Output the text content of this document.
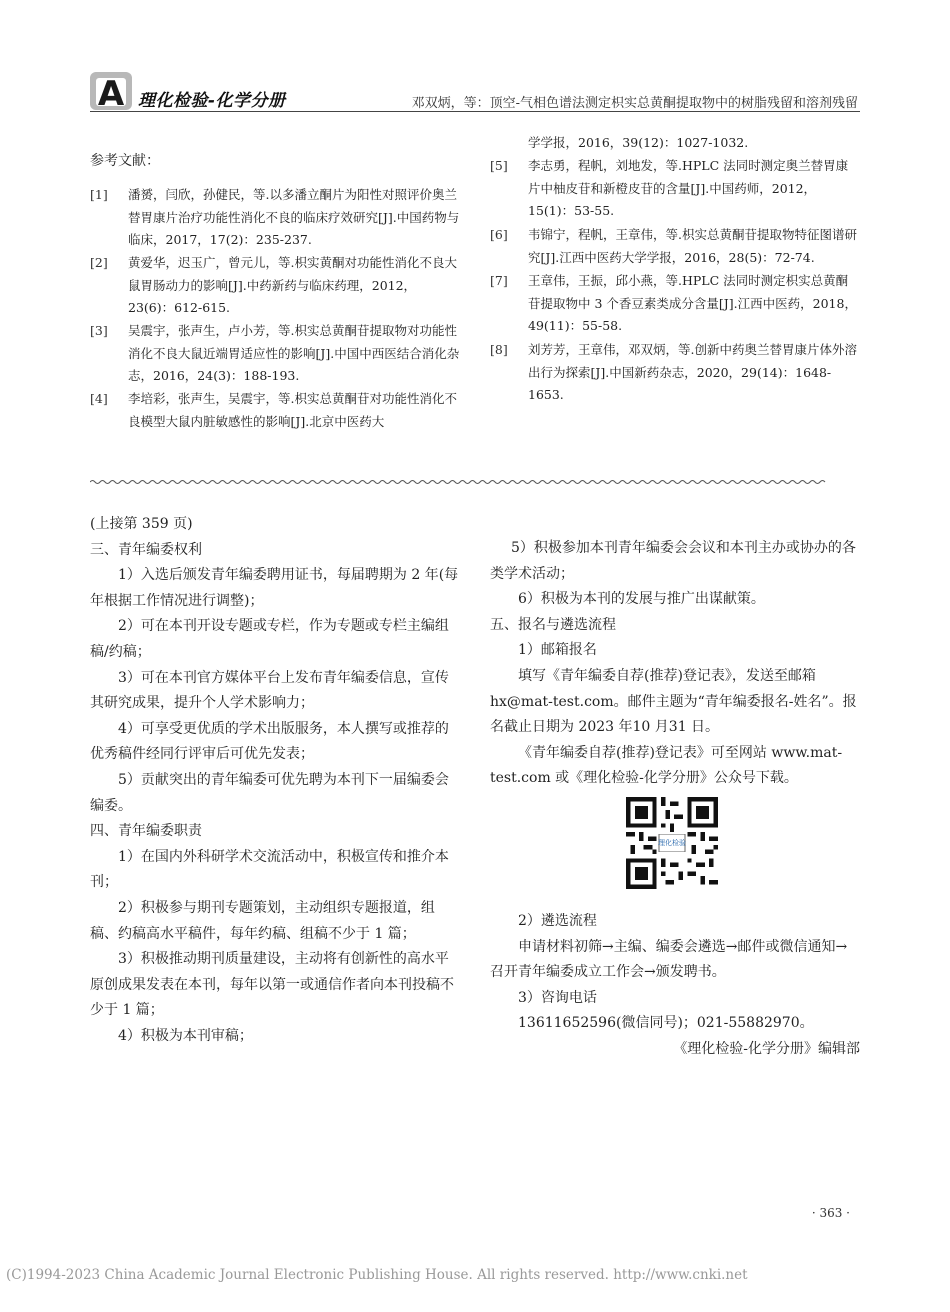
A 理化检验-化学分册	邓双炳，等：顶空-气相色谱法测定枳实总黄酮提取物中的树脂残留和溶剂残留
参考文献：
[1] 潘赟，闫欣，孙健民，等.以多潘立酮片为阳性对照评价奥兰替胃康片治疗功能性消化不良的临床疗效研究[J].中国药物与临床，2017，17(2)：235-237.
[2] 黄爱华，迟玉广，曾元儿，等.枳实黄酮对功能性消化不良大鼠胃肠动力的影响[J].中药新药与临床药理，2012，23(6)：612-615.
[3] 吴震宇，张声生，卢小芳，等.枳实总黄酮苷提取物对功能性消化不良大鼠近端胃适应性的影响[J].中国中西医结合消化杂志，2016，24(3)：188-193.
[4] 李培彩，张声生，吴震宇，等.枳实总黄酮苷对功能性消化不良模型大鼠内脏敏感性的影响[J].北京中医药大
学学报，2016，39(12)：1027-1032.
[5] 李志勇，程帆，刘地发，等.HPLC 法同时测定奥兰替胃康片中柚皮苷和新橙皮苷的含量[J].中国药师，2012，15(1)：53-55.
[6] 韦锦宁，程帆，王章伟，等.枳实总黄酮苷提取物特征图谱研究[J].江西中医药大学学报，2016，28(5)：72-74.
[7] 王章伟，王振，邱小燕，等.HPLC 法同时测定枳实总黄酮苷提取物中 3 个香豆素类成分含量[J].江西中医药，2018，49(11)：55-58.
[8] 刘芳芳，王章伟，邓双炳，等.创新中药奥兰替胃康片体外溶出行为探索[J].中国新药杂志，2020，29(14)：1648-1653.

(上接第 359 页)

三、青年编委权利

1）入选后颁发青年编委聘用证书，每届聘期为 2 年(每年根据工作情况进行调整)；

2）可在本刊开设专题或专栏，作为专题或专栏主编组稿/约稿；

3）可在本刊官方媒体平台上发布青年编委信息，宣传其研究成果，提升个人学术影响力；

4）可享受更优质的学术出版服务，本人撰写或推荐的优秀稿件经同行评审后可优先发表；

5）贡献突出的青年编委可优先聘为本刊下一届编委会编委。

四、青年编委职责

1）在国内外科研学术交流活动中，积极宣传和推介本刊；

2）积极参与期刊专题策划，主动组织专题报道，组稿、约稿高水平稿件，每年约稿、组稿不少于 1 篇；

3）积极推动期刊质量建设，主动将有创新性的高水平原创成果发表在本刊，每年以第一或通信作者向本刊投稿不少于 1 篇；

4）积极为本刊审稿；

5）积极参加本刊青年编委会会议和本刊主办或协办的各类学术活动；

6）积极为本刊的发展与推广出谋献策。

五、报名与遴选流程

1）邮箱报名

填写《青年编委自荐(推荐)登记表》，发送至邮箱 hx@mat-test.com。邮件主题为“青年编委报名-姓名”。报名截止日期为 2023 年10 月31 日。

《青年编委自荐(推荐)登记表》可至网站 www.mat-test.com 或《理化检验-化学分册》公众号下载。

理化检验

2）遴选流程

申请材料初筛→主编、编委会遴选→邮件或微信通知→召开青年编委成立工作会→颁发聘书。

3）咨询电话

13611652596(微信同号)；021-55882970。

《理化检验-化学分册》编辑部

· 363 ·
(C)1994-2023 China Academic Journal Electronic Publishing House. All rights reserved. http://www.cnki.net
